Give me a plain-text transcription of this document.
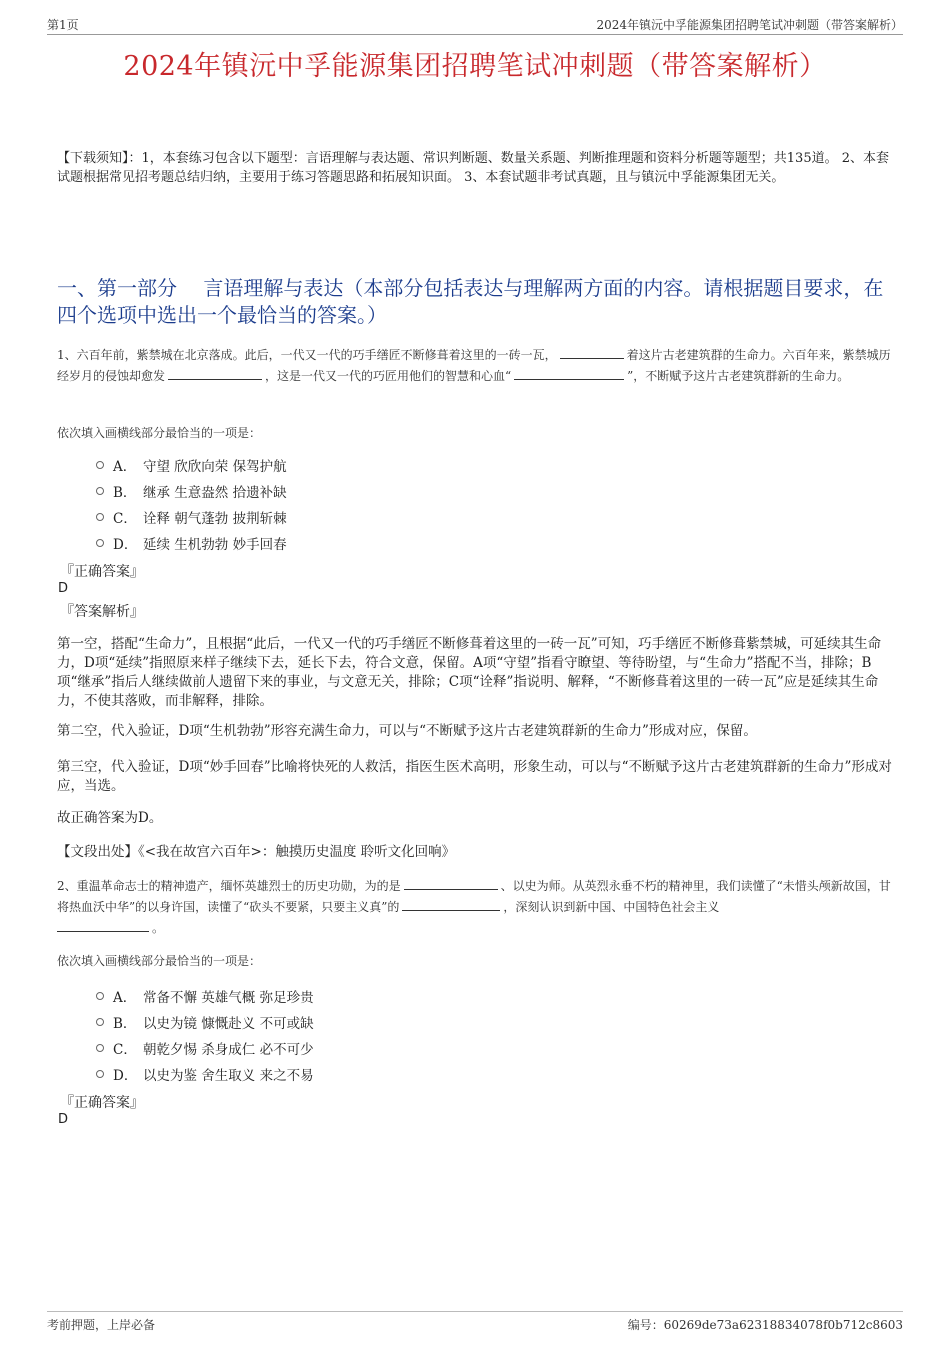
第1页	2024年镇沅中孚能源集团招聘笔试冲刺题（带答案解析）
2024年镇沅中孚能源集团招聘笔试冲刺题（带答案解析）
【下载须知】：1，本套练习包含以下题型：言语理解与表达题、常识判断题、数量关系题、判断推理题和资料分析题等题型；共135道。 2、本套试题根据常见招考题总结归纳，主要用于练习答题思路和拓展知识面。 3、本套试题非考试真题，且与镇沅中孚能源集团无关。
一、第一部分　 言语理解与表达（本部分包括表达与理解两方面的内容。请根据题目要求，在四个选项中选出一个最恰当的答案。）
1、六百年前，紫禁城在北京落成。此后，一代又一代的巧手缮匠不断修葺着这里的一砖一瓦，	着这片古老建筑群的生命力。六百年来，紫禁城历经岁月的侵蚀却愈发	，这是一代又一代的巧匠用他们的智慧和心血“	”，不断赋予这片古老建筑群新的生命力。
依次填入画横线部分最恰当的一项是：
A． 守望 欣欣向荣 保驾护航
B． 继承 生意盎然 拾遗补缺
C． 诠释 朝气蓬勃 披荆斩棘
D． 延续 生机勃勃 妙手回春
『正确答案』
D
『答案解析』
第一空，搭配“生命力”，且根据“此后，一代又一代的巧手缮匠不断修葺着这里的一砖一瓦”可知，巧手缮匠不断修葺紫禁城，可延续其生命力，D项“延续”指照原来样子继续下去，延长下去，符合文意，保留。A项“守望”指看守瞭望、等待盼望，与“生命力”搭配不当，排除；B项“继承”指后人继续做前人遗留下来的事业，与文意无关，排除；C项“诠释”指说明、解释，“不断修葺着这里的一砖一瓦”应是延续其生命力，不使其落败，而非解释，排除。
第二空，代入验证，D项“生机勃勃”形容充满生命力，可以与“不断赋予这片古老建筑群新的生命力”形成对应，保留。
第三空，代入验证，D项“妙手回春”比喻将快死的人救活，指医生医术高明，形象生动，可以与“不断赋予这片古老建筑群新的生命力”形成对应，当选。
故正确答案为D。
【文段出处】《<我在故宫六百年>：触摸历史温度 聆听文化回响》
2、重温革命志士的精神遗产，缅怀英雄烈士的历史功勋，为的是	、以史为师。从英烈永垂不朽的精神里，我们读懂了“未惜头颅新故国，甘将热血沃中华”的以身许国，读懂了“砍头不要紧，只要主义真”的	，深刻认识到新中国、中国特色社会主义
。
依次填入画横线部分最恰当的一项是：
A． 常备不懈 英雄气概 弥足珍贵
B． 以史为镜 慷慨赴义 不可或缺
C． 朝乾夕惕 杀身成仁 必不可少
D． 以史为鉴 舍生取义 来之不易
『正确答案』
D
考前押题，上岸必备	编号：60269de73a62318834078f0b712c8603
